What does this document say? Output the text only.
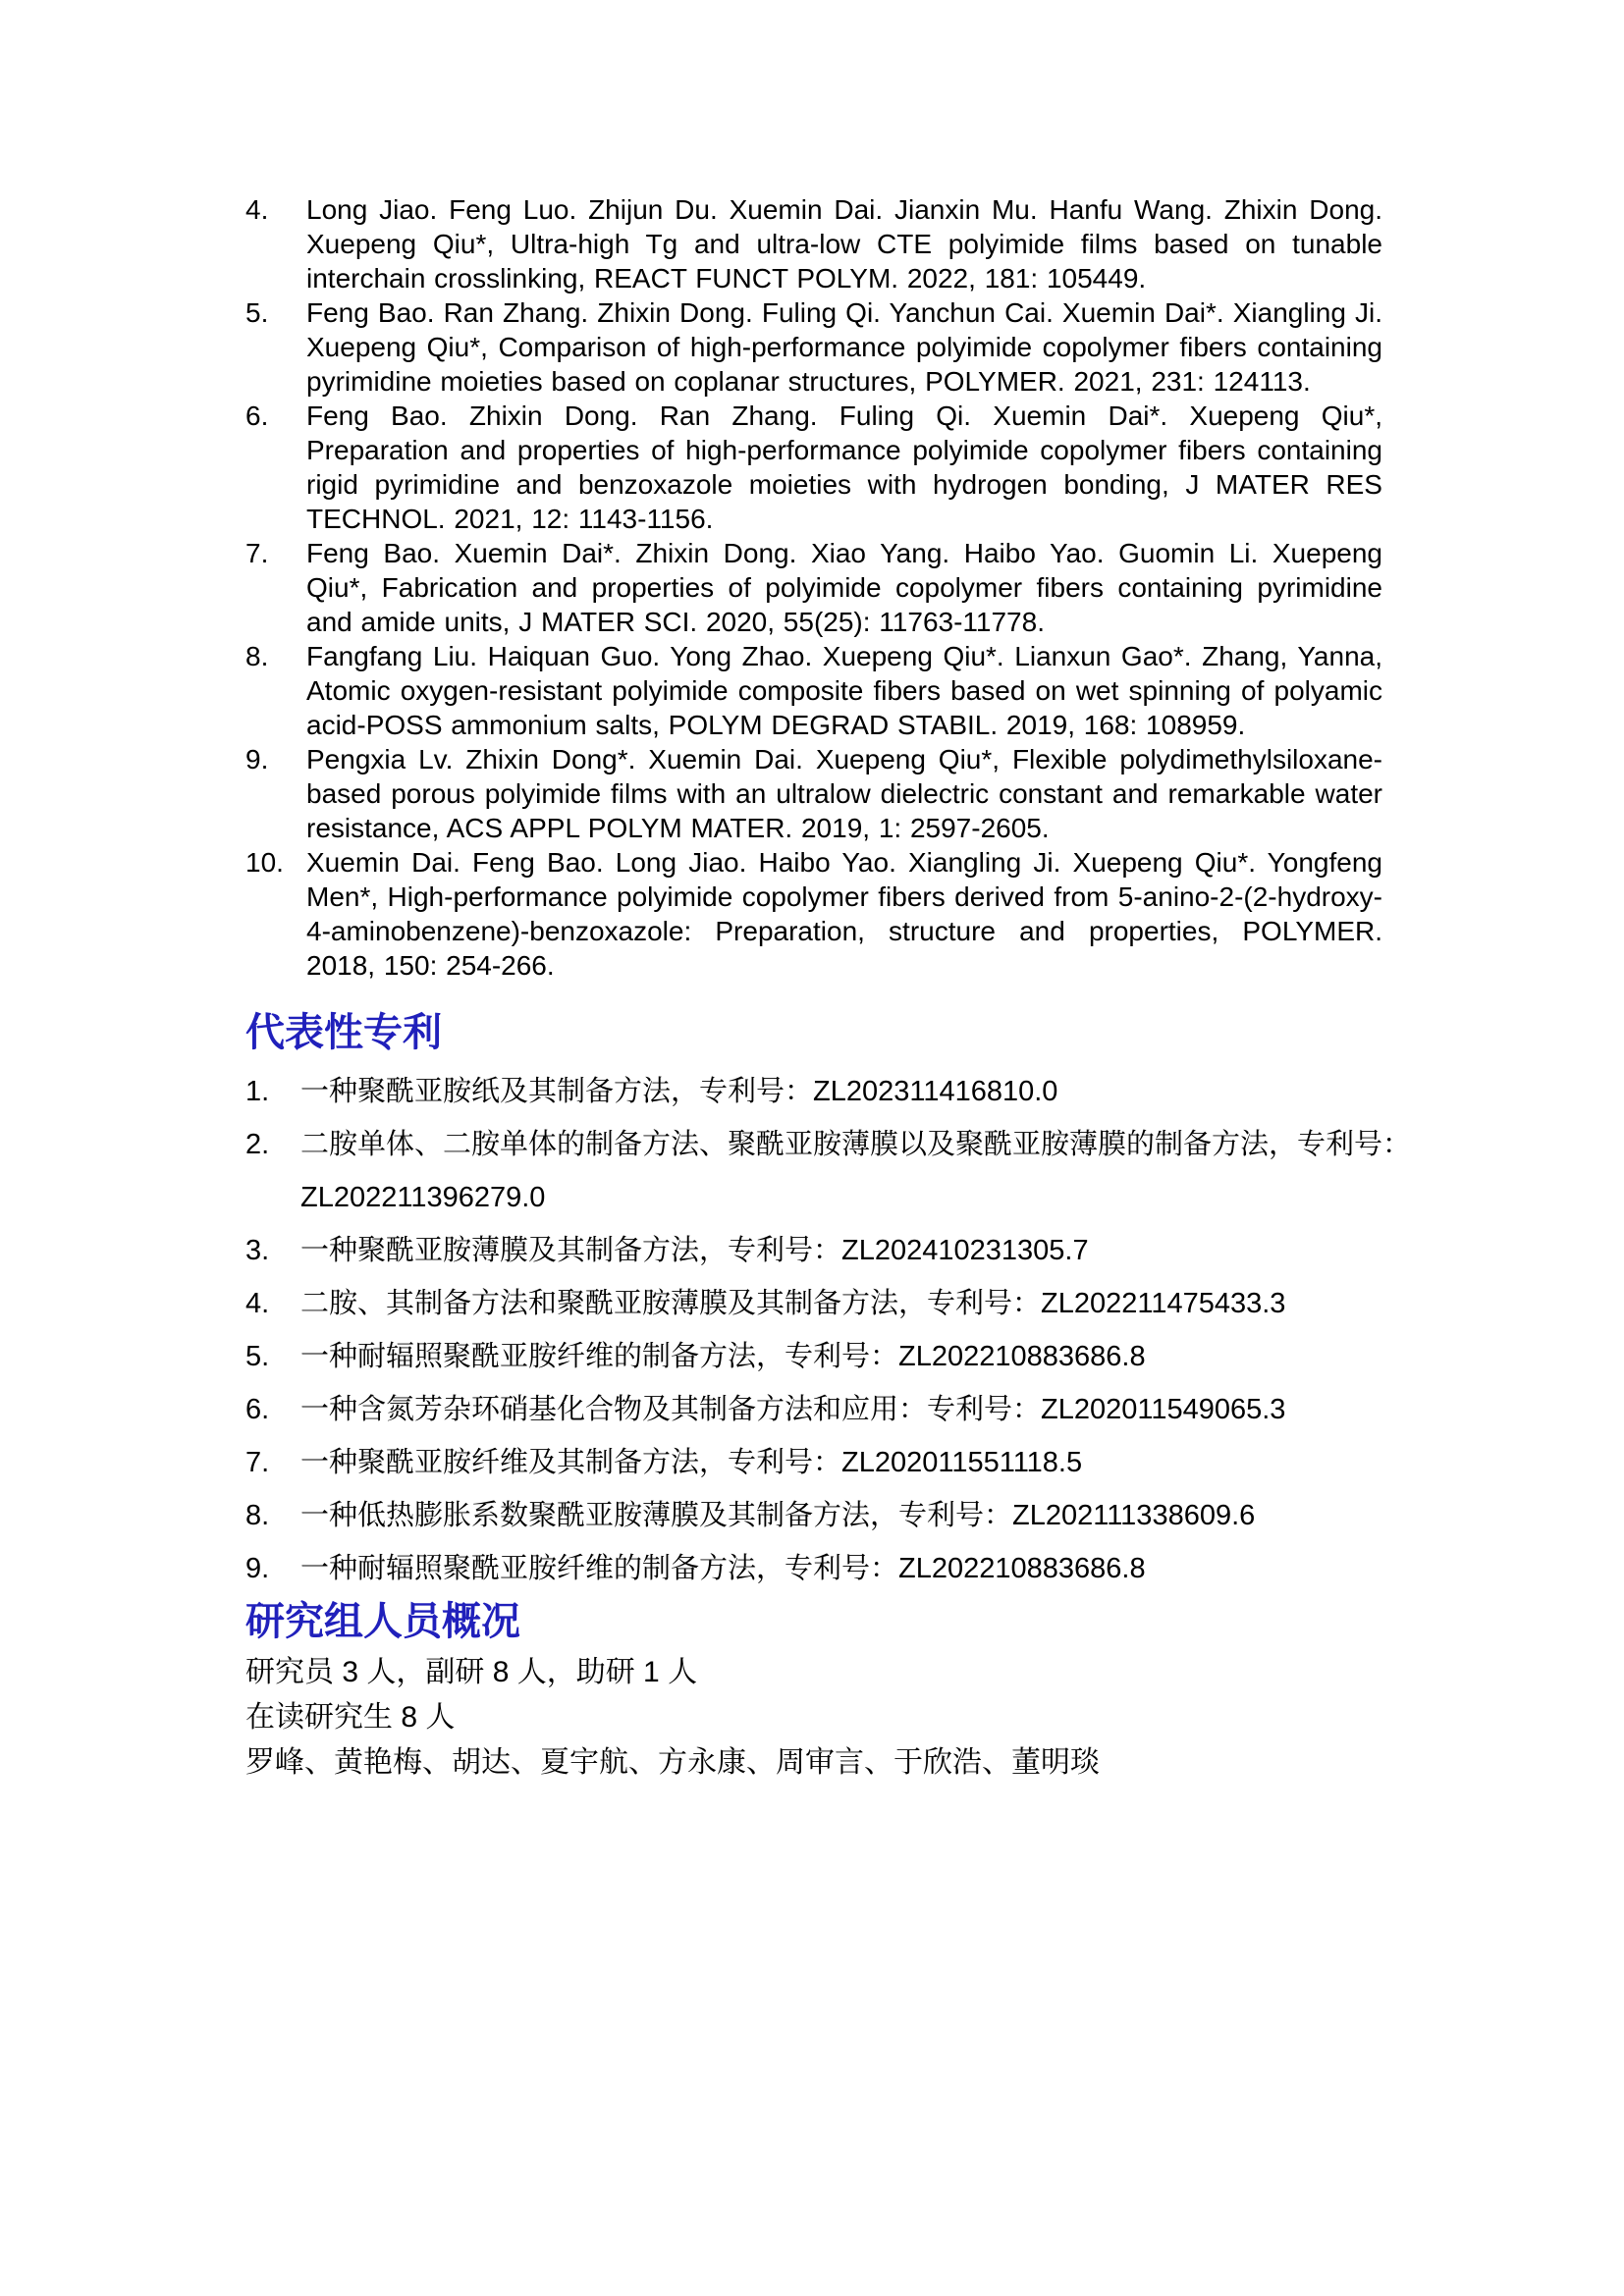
4. Long Jiao. Feng Luo. Zhijun Du. Xuemin Dai. Jianxin Mu. Hanfu Wang. Zhixin Dong. Xuepeng Qiu*, Ultra-high Tg and ultra-low CTE polyimide films based on tunable interchain crosslinking, REACT FUNCT POLYM. 2022, 181: 105449.
5. Feng Bao. Ran Zhang. Zhixin Dong. Fuling Qi. Yanchun Cai. Xuemin Dai*. Xiangling Ji. Xuepeng Qiu*, Comparison of high-performance polyimide copolymer fibers containing pyrimidine moieties based on coplanar structures, POLYMER. 2021, 231: 124113.
6. Feng Bao. Zhixin Dong. Ran Zhang. Fuling Qi. Xuemin Dai*. Xuepeng Qiu*, Preparation and properties of high-performance polyimide copolymer fibers containing rigid pyrimidine and benzoxazole moieties with hydrogen bonding, J MATER RES TECHNOL. 2021, 12: 1143-1156.
7. Feng Bao. Xuemin Dai*. Zhixin Dong. Xiao Yang. Haibo Yao. Guomin Li. Xuepeng Qiu*, Fabrication and properties of polyimide copolymer fibers containing pyrimidine and amide units, J MATER SCI. 2020, 55(25): 11763-11778.
8. Fangfang Liu. Haiquan Guo. Yong Zhao. Xuepeng Qiu*. Lianxun Gao*. Zhang, Yanna, Atomic oxygen-resistant polyimide composite fibers based on wet spinning of polyamic acid-POSS ammonium salts, POLYM DEGRAD STABIL. 2019, 168: 108959.
9. Pengxia Lv. Zhixin Dong*. Xuemin Dai. Xuepeng Qiu*, Flexible polydimethylsiloxane-based porous polyimide films with an ultralow dielectric constant and remarkable water resistance, ACS APPL POLYM MATER. 2019, 1: 2597-2605.
10. Xuemin Dai. Feng Bao. Long Jiao. Haibo Yao. Xiangling Ji. Xuepeng Qiu*. Yongfeng Men*, High-performance polyimide copolymer fibers derived from 5-anino-2-(2-hydroxy-4-aminobenzene)-benzoxazole: Preparation, structure and properties, POLYMER. 2018, 150: 254-266.
代表性专利
1. 一种聚酰亚胺纸及其制备方法，专利号：ZL202311416810.0
2. 二胺单体、二胺单体的制备方法、聚酰亚胺薄膜以及聚酰亚胺薄膜的制备方法，专利号：
ZL202211396279.0
3. 一种聚酰亚胺薄膜及其制备方法，专利号：ZL202410231305.7
4. 二胺、其制备方法和聚酰亚胺薄膜及其制备方法，专利号：ZL202211475433.3
5. 一种耐辐照聚酰亚胺纤维的制备方法，专利号：ZL202210883686.8
6. 一种含氮芳杂环硝基化合物及其制备方法和应用：专利号：ZL202011549065.3
7. 一种聚酰亚胺纤维及其制备方法，专利号：ZL202011551118.5
8. 一种低热膨胀系数聚酰亚胺薄膜及其制备方法，专利号：ZL202111338609.6
9. 一种耐辐照聚酰亚胺纤维的制备方法，专利号：ZL202210883686.8
研究组人员概况
研究员 3 人，副研 8 人，助研 1 人
在读研究生 8 人
罗峰、黄艳梅、胡达、夏宇航、方永康、周审言、于欣浩、董明琰
